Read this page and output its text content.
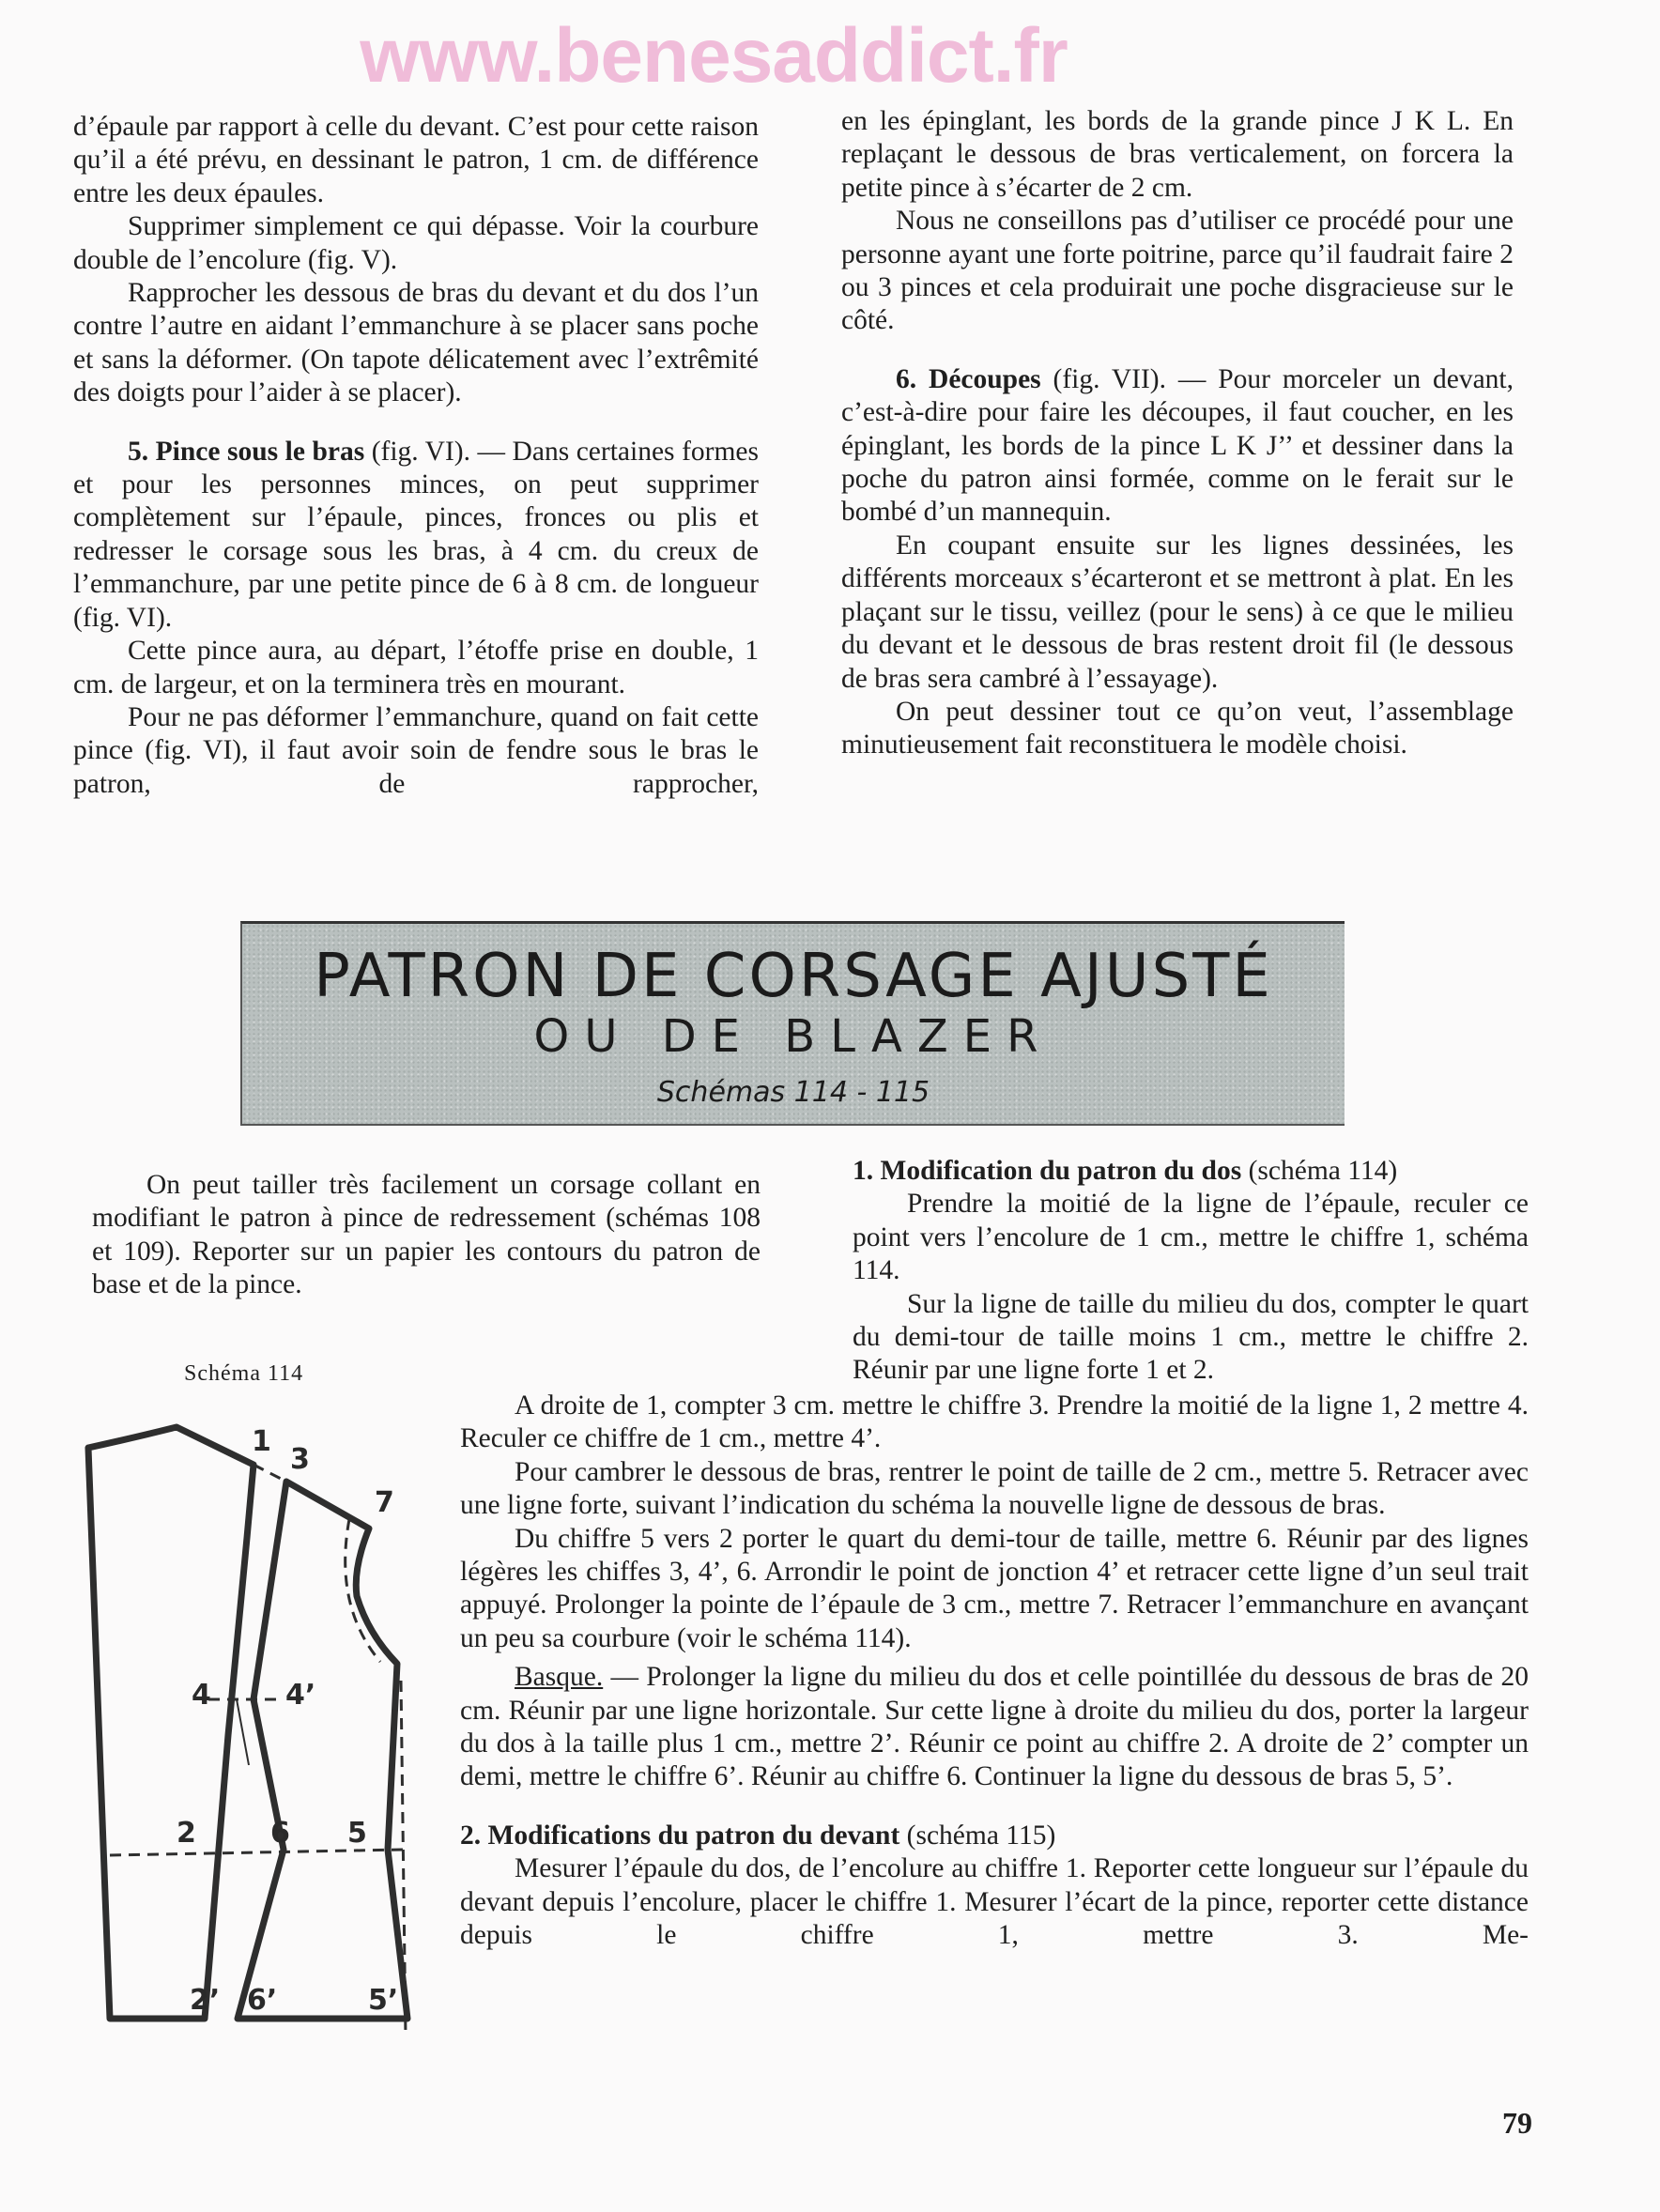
www.benesaddict.fr

d’épaule par rapport à celle du devant. C’est pour cette raison qu’il a été prévu, en dessinant le patron, 1 cm. de différence entre les deux épaules.

Supprimer simplement ce qui dépasse. Voir la courbure double de l’encolure (fig. V).

Rapprocher les dessous de bras du devant et du dos l’un contre l’autre en aidant l’emmanchure à se placer sans poche et sans la déformer. (On tapote délicatement avec l’extrêmité des doigts pour l’aider à se placer).

5. Pince sous le bras (fig. VI). — Dans certaines formes et pour les personnes minces, on peut supprimer complètement sur l’épaule, pinces, fronces ou plis et redresser le corsage sous les bras, à 4 cm. du creux de l’emmanchure, par une petite pince de 6 à 8 cm. de longueur (fig. VI).

Cette pince aura, au départ, l’étoffe prise en double, 1 cm. de largeur, et on la terminera très en mourant.

Pour ne pas déformer l’emmanchure, quand on fait cette pince (fig. VI), il faut avoir soin de fendre sous le bras le patron, de rapprocher,

en les épinglant, les bords de la grande pince J K L. En replaçant le dessous de bras verticalement, on forcera la petite pince à s’écarter de 2 cm.

Nous ne conseillons pas d’utiliser ce procédé pour une personne ayant une forte poitrine, parce qu’il faudrait faire 2 ou 3 pinces et cela produirait une poche disgracieuse sur le côté.

6. Découpes (fig. VII). — Pour morceler un devant, c’est-à-dire pour faire les découpes, il faut coucher, en les épinglant, les bords de la pince L K J’’ et dessiner dans la poche du patron ainsi formée, comme on le ferait sur le bombé d’un mannequin.

En coupant ensuite sur les lignes dessinées, les différents morceaux s’écarteront et se mettront à plat. En les plaçant sur le tissu, veillez (pour le sens) à ce que le milieu du devant et le dessous de bras restent droit fil (le dessous de bras sera cambré à l’essayage).

On peut dessiner tout ce qu’on veut, l’assemblage minutieusement fait reconstituera le modèle choisi.

PATRON DE CORSAGE AJUSTÉ
OU DE BLAZER
Schémas 114 - 115

On peut tailler très facilement un corsage collant en modifiant le patron à pince de redressement (schémas 108 et 109). Reporter sur un papier les contours du patron de base et de la pince.

1. Modification du patron du dos (schéma 114)

Prendre la moitié de la ligne de l’épaule, reculer ce point vers l’encolure de 1 cm., mettre le chiffre 1, schéma 114.

Sur la ligne de taille du milieu du dos, compter le quart du demi-tour de taille moins 1 cm., mettre le chiffre 2. Réunir par une ligne forte 1 et 2.

A droite de 1, compter 3 cm. mettre le chiffre 3. Prendre la moitié de la ligne 1, 2 mettre 4. Reculer ce chiffre de 1 cm., mettre 4’.

Pour cambrer le dessous de bras, rentrer le point de taille de 2 cm., mettre 5. Retracer avec une ligne forte, suivant l’indication du schéma la nouvelle ligne de dessous de bras.

Du chiffre 5 vers 2 porter le quart du demi-tour de taille, mettre 6. Réunir par des lignes légères les chiffes 3, 4’, 6. Arrondir le point de jonction 4’ et retracer cette ligne d’un seul trait appuyé. Prolonger la pointe de l’épaule de 3 cm., mettre 7. Retracer l’emmanchure en avançant un peu sa courbure (voir le schéma 114).

Basque. — Prolonger la ligne du milieu du dos et celle pointillée du dessous de bras de 20 cm. Réunir par une ligne horizontale. Sur cette ligne à droite du milieu du dos, porter la largeur du dos à la taille plus 1 cm., mettre 2’. Réunir ce point au chiffre 2. A droite de 2’ compter un demi, mettre le chiffre 6’. Réunir au chiffre 6. Continuer la ligne du dessous de bras 5, 5’.

2. Modifications du patron du devant (schéma 115)

Mesurer l’épaule du dos, de l’encolure au chiffre 1. Reporter cette longueur sur l’épaule du devant depuis l’encolure, placer le chiffre 1. Mesurer l’écart de la pince, reporter cette distance depuis le chiffre 1, mettre 3. Me-

Schéma 114
1
3
7
4	4’
2	6 5
2’ 6’	5’
79
